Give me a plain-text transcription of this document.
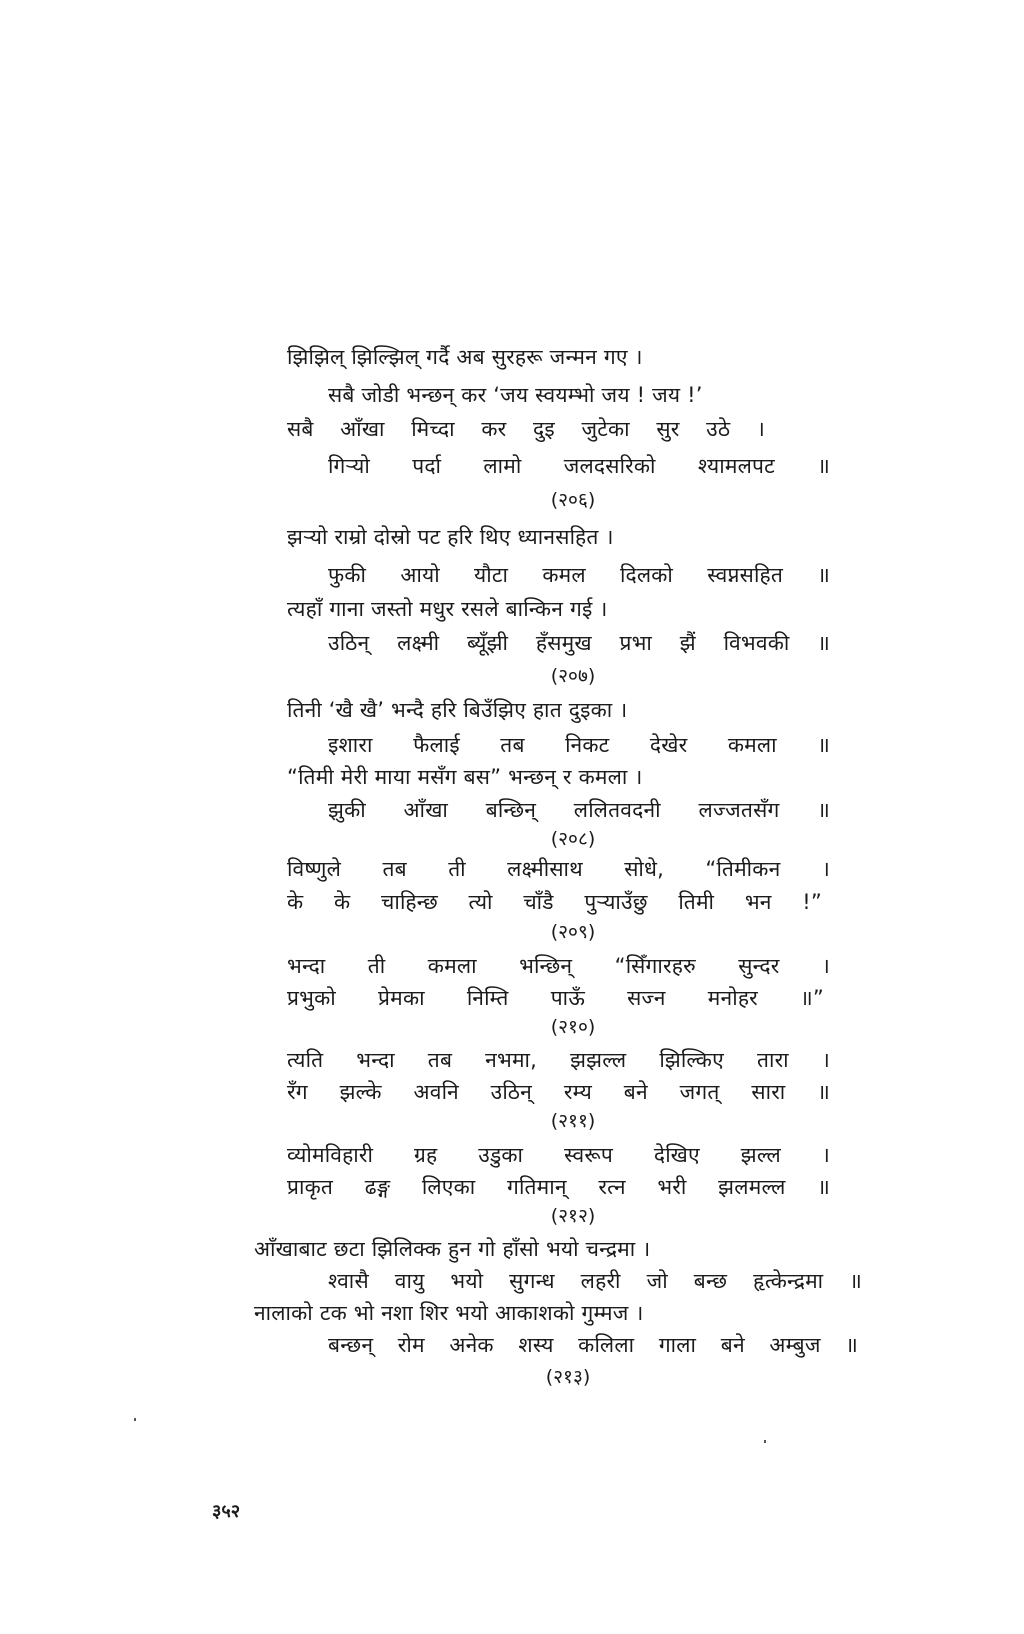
झिझिल् झिल्झिल् गर्दै अब सुरहरू जन्मन गए ।
सबै जोडी भन्छन् कर ‘जय स्वयम्भो जय ! जय !’
सबै आँखा मिच्दा कर दुइ जुटेका सुर उठे ।
गिऱ्यो पर्दा लामो जलदसरिको श्यामलपट ॥
(२०६)
झऱ्यो राम्रो दोस्रो पट हरि थिए ध्यानसहित ।
फुकी आयो यौटा कमल दिलको स्वप्नसहित ॥
त्यहाँ गाना जस्तो मधुर रसले बान्किन गई ।
उठिन् लक्ष्मी ब्यूँझी हँसमुख प्रभा झैं विभवकी ॥
(२०७)
तिनी ‘खै खै’ भन्दै हरि बिउँझिए हात दुइका ।
इशारा फैलाई तब निकट देखेर कमला ॥
“तिमी मेरी माया मसँग बस” भन्छन् र कमला ।
झुकी आँखा बन्छिन् ललितवदनी लज्जतसँग ॥
(२०८)
विष्णुले तब ती लक्ष्मीसाथ सोधे, “तिमीकन ।
के के चाहिन्छ त्यो चाँडै पुऱ्याउँछु तिमी भन !”
(२०९)
भन्दा ती कमला भन्छिन् “सिँगारहरु सुन्दर ।
प्रभुको प्रेमका निम्ति पाऊँ सज्न मनोहर ॥”
(२१०)
त्यति भन्दा तब नभमा, झझल्ल झिल्किए तारा ।
रँग झल्के अवनि उठिन् रम्य बने जगत् सारा ॥
(२११)
व्योमविहारी ग्रह उडुका स्वरूप देखिए झल्ल ।
प्राकृत ढङ्ग लिएका गतिमान् रत्न भरी झलमल्ल ॥
(२१२)
आँखाबाट छटा झिलिक्क हुन गो हाँसो भयो चन्द्रमा ।
श्वासै वायु भयो सुगन्ध लहरी जो बन्छ हृत्केन्द्रमा ॥
नालाको टक भो नशा शिर भयो आकाशको गुम्मज ।
बन्छन् रोम अनेक शस्य कलिला गाला बने अम्बुज ॥
(२१३)
३५२
